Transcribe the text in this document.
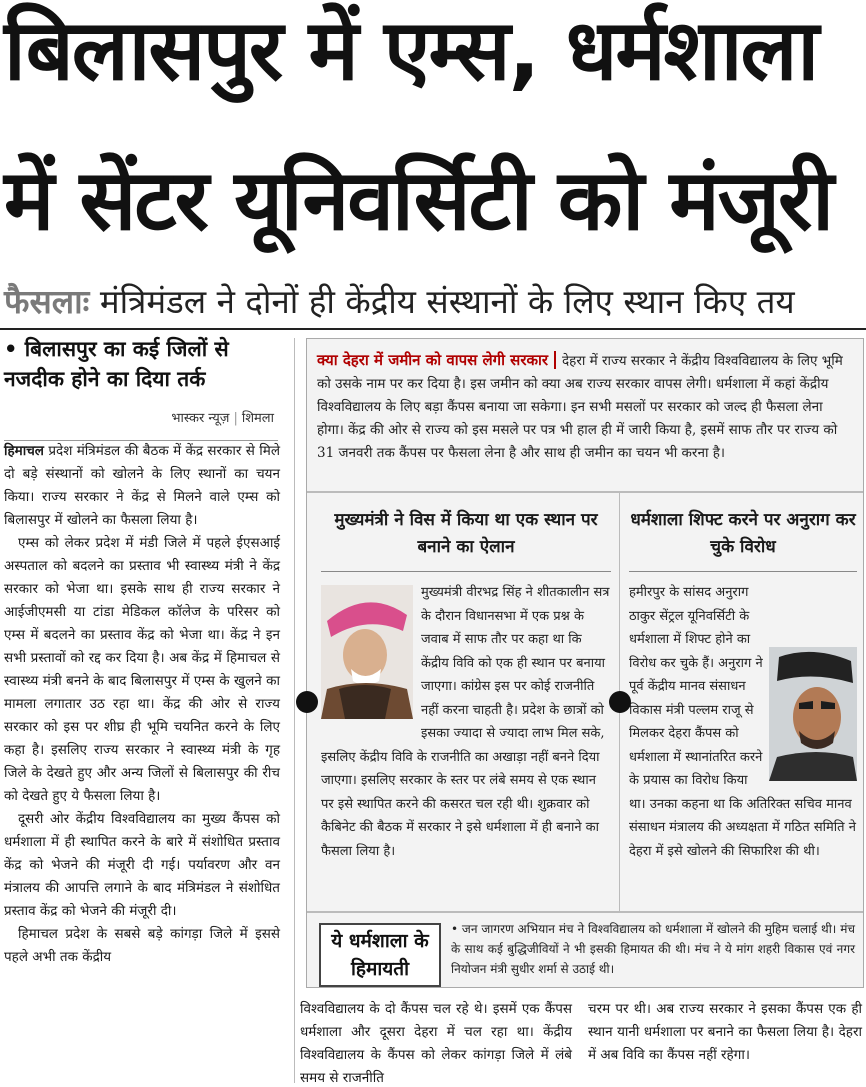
बिलासपुर में एम्स, धर्मशाला
में सेंटर यूनिवर्सिटी को मंजूरी
फैसलाः मंत्रिमंडल ने दोनों ही केंद्रीय संस्थानों के लिए स्थान किए तय
• बिलासपुर का कई जिलों से नजदीक होने का दिया तर्क
भास्कर न्यूज़ | शिमला

हिमाचल प्रदेश मंत्रिमंडल की बैठक में केंद्र सरकार से मिले दो बड़े संस्थानों को खोलने के लिए स्थानों का चयन किया। राज्य सरकार ने केंद्र से मिलने वाले एम्स को बिलासपुर में खोलने का फैसला लिया है।

एम्स को लेकर प्रदेश में मंडी जिले में पहले ईएसआई अस्पताल को बदलने का प्रस्ताव भी स्वास्थ्य मंत्री ने केंद्र सरकार को भेजा था। इसके साथ ही राज्य सरकार ने आईजीएमसी या टांडा मेडिकल कॉलेज के परिसर को एम्स में बदलने का प्रस्ताव केंद्र को भेजा था। केंद्र ने इन सभी प्रस्तावों को रद्द कर दिया है। अब केंद्र में हिमाचल से स्वास्थ्य मंत्री बनने के बाद बिलासपुर में एम्स के खुलने का मामला लगातार उठ रहा था। केंद्र की ओर से राज्य सरकार को इस पर शीघ्र ही भूमि चयनित करने के लिए कहा है। इसलिए राज्य सरकार ने स्वास्थ्य मंत्री के गृह जिले के देखते हुए और अन्य जिलों से बिलासपुर की रीच को देखते हुए ये फैसला लिया है।

दूसरी ओर केंद्रीय विश्वविद्यालय का मुख्य कैंपस को धर्मशाला में ही स्थापित करने के बारे में संशोधित प्रस्ताव केंद्र को भेजने की मंजूरी दी गई। पर्यावरण और वन मंत्रालय की आपत्ति लगाने के बाद मंत्रिमंडल ने संशोधित प्रस्ताव केंद्र को भेजने की मंजूरी दी।

हिमाचल प्रदेश के सबसे बड़े कांगड़ा जिले में इससे पहले अभी तक केंद्रीय

क्या देहरा में जमीन को वापस लेगी सरकार देहरा में राज्य सरकार ने केंद्रीय विश्वविद्यालय के लिए भूमि को उसके नाम पर कर दिया है। इस जमीन को क्या अब राज्य सरकार वापस लेगी। धर्मशाला में कहां केंद्रीय विश्वविद्यालय के लिए बड़ा कैंपस बनाया जा सकेगा। इन सभी मसलों पर सरकार को जल्द ही फैसला लेना होगा। केंद्र की ओर से राज्य को इस मसले पर पत्र भी हाल ही में जारी किया है, इसमें साफ तौर पर राज्य को 31 जनवरी तक कैंपस पर फैसला लेना है और साथ ही जमीन का चयन भी करना है।
मुख्यमंत्री ने विस में किया था एक स्थान पर बनाने का ऐलान
मुख्यमंत्री वीरभद्र सिंह ने शीतकालीन सत्र के दौरान विधानसभा में एक प्रश्न के जवाब में साफ तौर पर कहा था कि केंद्रीय विवि को एक ही स्थान पर बनाया जाएगा। कांग्रेस इस पर कोई राजनीति नहीं करना चाहती है। प्रदेश के छात्रों को इसका ज्यादा से ज्यादा लाभ मिल सके, इसलिए केंद्रीय विवि के राजनीति का अखाड़ा नहीं बनने दिया जाएगा। इसलिए सरकार के स्तर पर लंबे समय से एक स्थान पर इसे स्थापित करने की कसरत चल रही थी। शुक्रवार को कैबिनेट की बैठक में सरकार ने इसे धर्मशाला में ही बनाने का फैसला लिया है।
धर्मशाला शिफ्ट करने पर अनुराग कर चुके विरोध
हमीरपुर के सांसद अनुराग ठाकुर सेंट्रल यूनिवर्सिटी के धर्मशाला में शिफ्ट होने का विरोध कर चुके हैं। अनुराग ने पूर्व केंद्रीय मानव संसाधन विकास मंत्री पल्लम राजू से मिलकर देहरा कैंपस को धर्मशाला में स्थानांतरित करने के प्रयास का विरोध किया था। उनका कहना था कि अतिरिक्त सचिव मानव संसाधन मंत्रालय की अध्यक्षता में गठित समिति ने देहरा में इसे खोलने की सिफारिश की थी।
ये धर्मशाला के हिमायती
• जन जागरण अभियान मंच ने विश्वविद्यालय को धर्मशाला में खोलने की मुहिम चलाई थी। मंच के साथ कई बुद्धिजीवियों ने भी इसकी हिमायत की थी। मंच ने ये मांग शहरी विकास एवं नगर नियोजन मंत्री सुधीर शर्मा से उठाई थी।
विश्वविद्यालय के दो कैंपस चल रहे थे। इसमें एक कैंपस धर्मशाला और दूसरा देहरा में चल रहा था। केंद्रीय विश्वविद्यालय के कैंपस को लेकर कांगड़ा जिले में लंबे समय से राजनीति
चरम पर थी। अब राज्य सरकार ने इसका कैंपस एक ही स्थान यानी धर्मशाला पर बनाने का फैसला लिया है। देहरा में अब विवि का कैंपस नहीं रहेगा।
